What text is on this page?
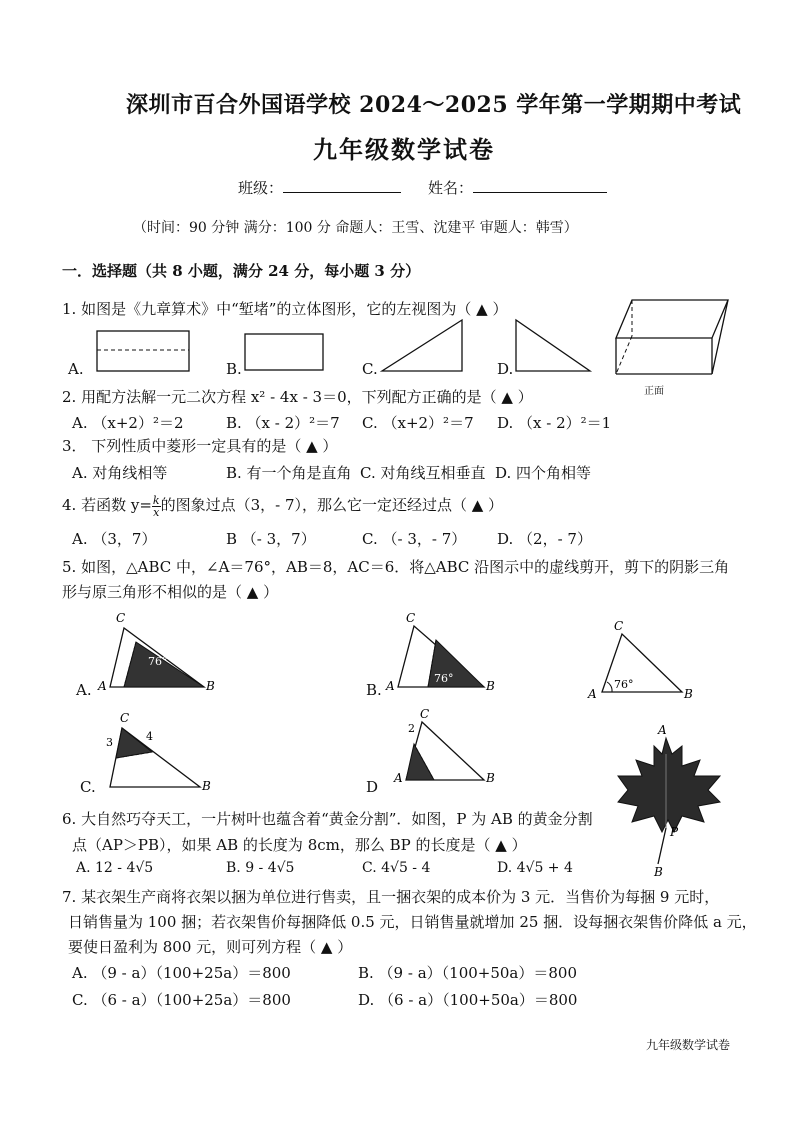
深圳市百合外国语学校 2024～2025 学年第一学期期中考试
九年级数学试卷
班级：	姓名：
（时间：90 分钟 满分：100 分 命题人：王雪、沈建平 审题人：韩雪）
一．选择题（共 8 小题，满分 24 分，每小题 3 分）
1. 如图是《九章算术》中“堑堵”的立体图形，它的左视图为（ ▲ ）
A.	B.	C.	D.
正面
2. 用配方法解一元二次方程 x² - 4x - 3＝0，下列配方正确的是（ ▲ ）
A. （x+2）²＝2	B. （x - 2）²＝7 C. （x+2）²＝7 D. （x - 2）²＝1
3． 下列性质中菱形一定具有的是（ ▲ ）
A. 对角线相等	B. 有一个角是直角 C. 对角线互相垂直 D. 四个角相等
4. 若函数 $y= \frac{k}{x}$ 的图象过点（3，- 7），那么它一定还经过点（ ▲ ）
A. （3，7）	B （- 3，7）	C. （- 3，- 7） D. （2，- 7）
5. 如图，△ABC 中，∠A＝76°，AB＝8，AC＝6．将△ABC 沿图示中的虚线剪开，剪下的阴影三角
形与原三角形不相似的是（ ▲ ）
A.
76°
C
A	B	B.
76°
C
A	B	76°
C
A	B
C.
3	4
C
B	D
2
C
A	B
A
P
B
6. 大自然巧夺天工，一片树叶也蕴含着“黄金分割”．如图，P 为 AB 的黄金分割
点（AP＞PB），如果 AB 的长度为 8cm，那么 BP 的长度是（ ▲ ）
A. 12 - 4√5	B. 9 - 4√5	C. 4√5 - 4	D. 4√5 + 4
7. 某衣架生产商将衣架以捆为单位进行售卖，且一捆衣架的成本价为 3 元．当售价为每捆 9 元时，
日销售量为 100 捆；若衣架售价每捆降低 0.5 元，日销售量就增加 25 捆．设每捆衣架售价降低 a 元，
要使日盈利为 800 元，则可列方程（ ▲ ）
A. （9 - a）（100+25a）＝800	B. （9 - a）（100+50a）＝800
C. （6 - a）（100+25a）＝800	D. （6 - a）（100+50a）＝800
九年级数学试卷
